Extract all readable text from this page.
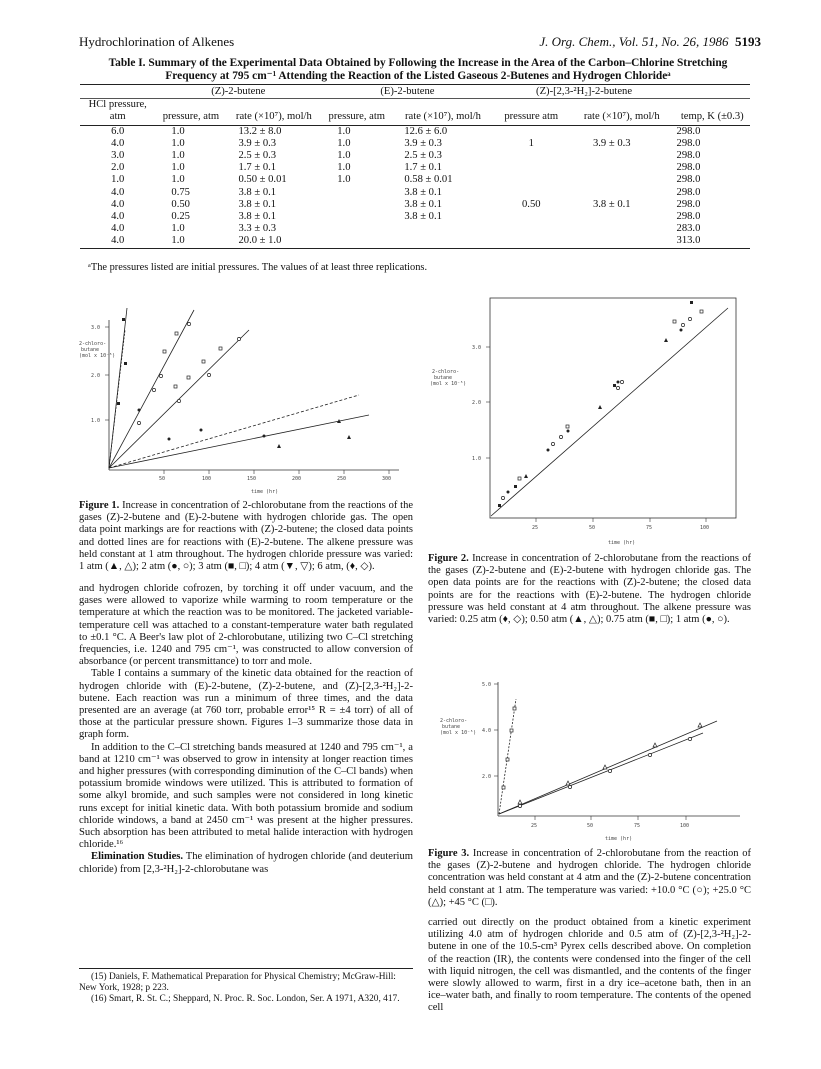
Hydrochlorination of Alkenes	J. Org. Chem., Vol. 51, No. 26, 1986 5193
Table I. Summary of the Experimental Data Obtained by Following the Increase in the Area of the Carbon–Chlorine Stretching Frequency at 795 cm⁻¹ Attending the Reaction of the Listed Gaseous 2-Butenes and Hydrogen Chlorideᵃ
	(Z)-2-butene		(E)-2-butene		(Z)-[2,3-²H₂]-2-butene		
HCl pressure, atm	pressure, atm	rate (×10⁷), mol/h	pressure, atm	rate (×10⁷), mol/h	pressure atm	rate (×10⁷), mol/h	temp, K (±0.3)
6.0	1.0	13.2 ± 8.0	1.0	12.6 ± 6.0			298.0
4.0	1.0	3.9 ± 0.3	1.0	3.9 ± 0.3	1	3.9 ± 0.3	298.0
3.0	1.0	2.5 ± 0.3	1.0	2.5 ± 0.3			298.0
2.0	1.0	1.7 ± 0.1	1.0	1.7 ± 0.1			298.0
1.0	1.0	0.50 ± 0.01	1.0	0.58 ± 0.01			298.0
4.0	0.75	3.8 ± 0.1		3.8 ± 0.1			298.0
4.0	0.50	3.8 ± 0.1		3.8 ± 0.1	0.50	3.8 ± 0.1	298.0
4.0	0.25	3.8 ± 0.1		3.8 ± 0.1			298.0
4.0	1.0	3.3 ± 0.3					283.0
4.0	1.0	20.0 ± 1.0					313.0
ᵃThe pressures listed are initial pressures. The values of at least three replications.
2-chloro-
butane
(mol x 10⁻⁵)
3.0
2.0
1.0
50	100	150	200	250	300
time (hr)
Figure 1. Increase in concentration of 2-chlorobutane from the reactions of the gases (Z)-2-butene and (E)-2-butene with hydrogen chloride gas. The open data point markings are for reactions with (Z)-2-butene; the closed data points and dotted lines are for reactions with (E)-2-butene. The alkene pressure was held constant at 1 atm throughout. The hydrogen chloride pressure was varied: 1 atm (▲, △); 2 atm (●, ○); 3 atm (■, □); 4 atm (▼, ▽); 6 atm, (♦, ◇).
2-chloro-
butane
(mol x 10⁻⁵)
3.0
2.0
1.0
25	50	75	100
time (hr)
Figure 2. Increase in concentration of 2-chlorobutane from the reactions of the gases (Z)-2-butene and (E)-2-butene with hydrogen chloride gas. The open data points are for the reactions with (Z)-2-butene; the closed data points are for the reactions with (E)-2-butene. The hydrogen chloride pressure was held constant at 4 atm throughout. The alkene pressure was varied: 0.25 atm (♦, ◇); 0.50 atm (▲, △); 0.75 atm (■, □); 1 atm (●, ○).
2-chloro-
butane
(mol x 10⁻⁵)
5.0
4.0
2.0
25	50	75	100
time (hr)
Figure 3. Increase in concentration of 2-chlorobutane from the reaction of the gases (Z)-2-butene and hydrogen chloride. The hydrogen chloride concentration was held constant at 4 atm and the (Z)-2-butene concentration held constant at 1 atm. The temperature was varied: +10.0 °C (○); +25.0 °C (△); +45 °C (□).

and hydrogen chloride cofrozen, by torching it off under vacuum, and the gases were allowed to vaporize while warming to room temperature or the temperature at which the reaction was to be monitored. The jacketed variable-temperature cell was attached to a constant-temperature water bath regulated to ±0.1 °C. A Beer's law plot of 2-chlorobutane, utilizing two C–Cl stretching frequencies, i.e. 1240 and 795 cm⁻¹, was constructed to allow conversion of absorbance (or percent transmittance) to torr and mole.

Table I contains a summary of the kinetic data obtained for the reaction of hydrogen chloride with (E)-2-butene, (Z)-2-butene, and (Z)-[2,3-²H₂]-2-butene. Each reaction was run a minimum of three times, and the data presented are an average (at 760 torr, probable error¹⁵ R = ±4 torr) of all of those at the particular pressure shown. Figures 1–3 summarize those data in graph form.

In addition to the C–Cl stretching bands measured at 1240 and 795 cm⁻¹, a band at 1210 cm⁻¹ was observed to grow in intensity at longer reaction times and higher pressures (with corresponding diminution of the C–Cl bands) when potassium bromide windows were utilized. This is attributed to formation of some alkyl bromide, and such samples were not considered in long kinetic runs except for initial kinetic data. With both potassium bromide and sodium chloride windows, a band at 2450 cm⁻¹ was present at the higher pressures. Such absorption has been attributed to metal halide interaction with hydrogen chloride.¹⁶

Elimination Studies. The elimination of hydrogen chloride (and deuterium chloride) from [2,3-²H₂]-2-chlorobutane was

carried out directly on the product obtained from a kinetic experiment utilizing 4.0 atm of hydrogen chloride and 0.5 atm of (Z)-[2,3-²H₂]-2-butene in one of the 10.5-cm³ Pyrex cells described above. On completion of the reaction (IR), the contents were condensed into the finger of the cell with liquid nitrogen, the cell was dismantled, and the contents of the finger were slowly allowed to warm, first in a dry ice–acetone bath, then in an ice–water bath, and finally to room temperature. The contents of the opened cell

(15) Daniels, F. Mathematical Preparation for Physical Chemistry; McGraw-Hill: New York, 1928; p 223.
(16) Smart, R. St. C.; Sheppard, N. Proc. R. Soc. London, Ser. A 1971, A320, 417.
